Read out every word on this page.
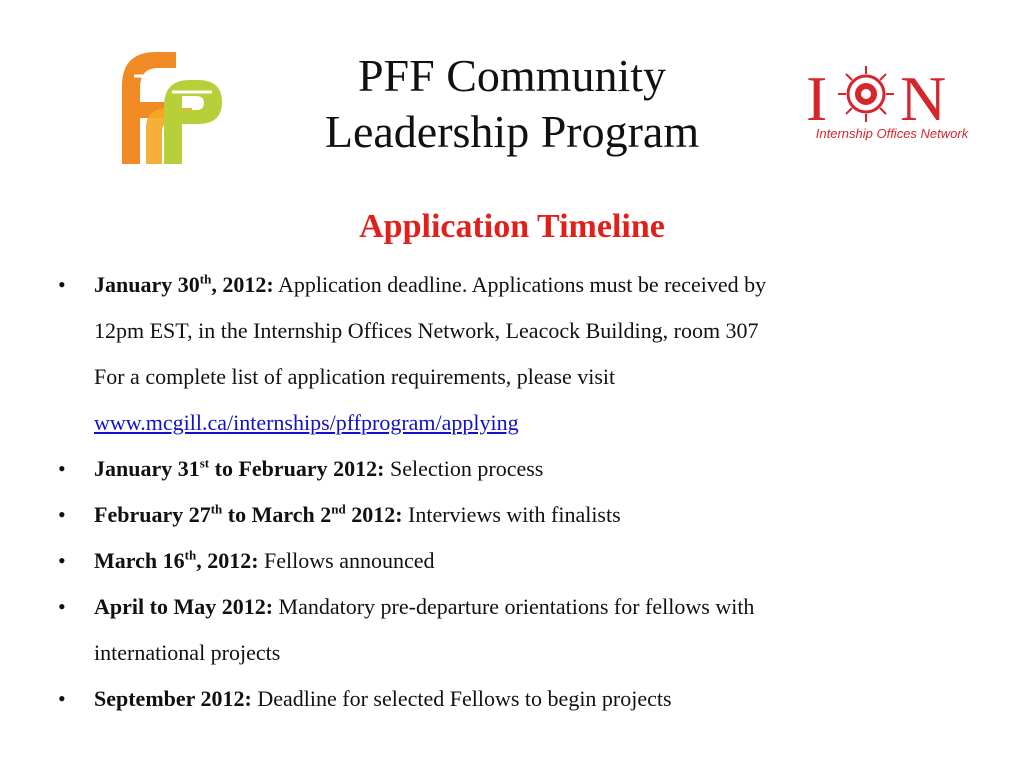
I N
Internship Offices Network
PFF Community
Leadership Program
Application Timeline
• January 30th, 2012: Application deadline. Applications must be received by
12pm EST, in the Internship Offices Network, Leacock Building, room 307
For a complete list of application requirements, please visit
www.mcgill.ca/internships/pffprogram/applying
• January 31st to February 2012: Selection process
• February 27th to March 2nd 2012: Interviews with finalists
• March 16th, 2012: Fellows announced
• April to May 2012: Mandatory pre-departure orientations for fellows with
international projects
• September 2012: Deadline for selected Fellows to begin projects
